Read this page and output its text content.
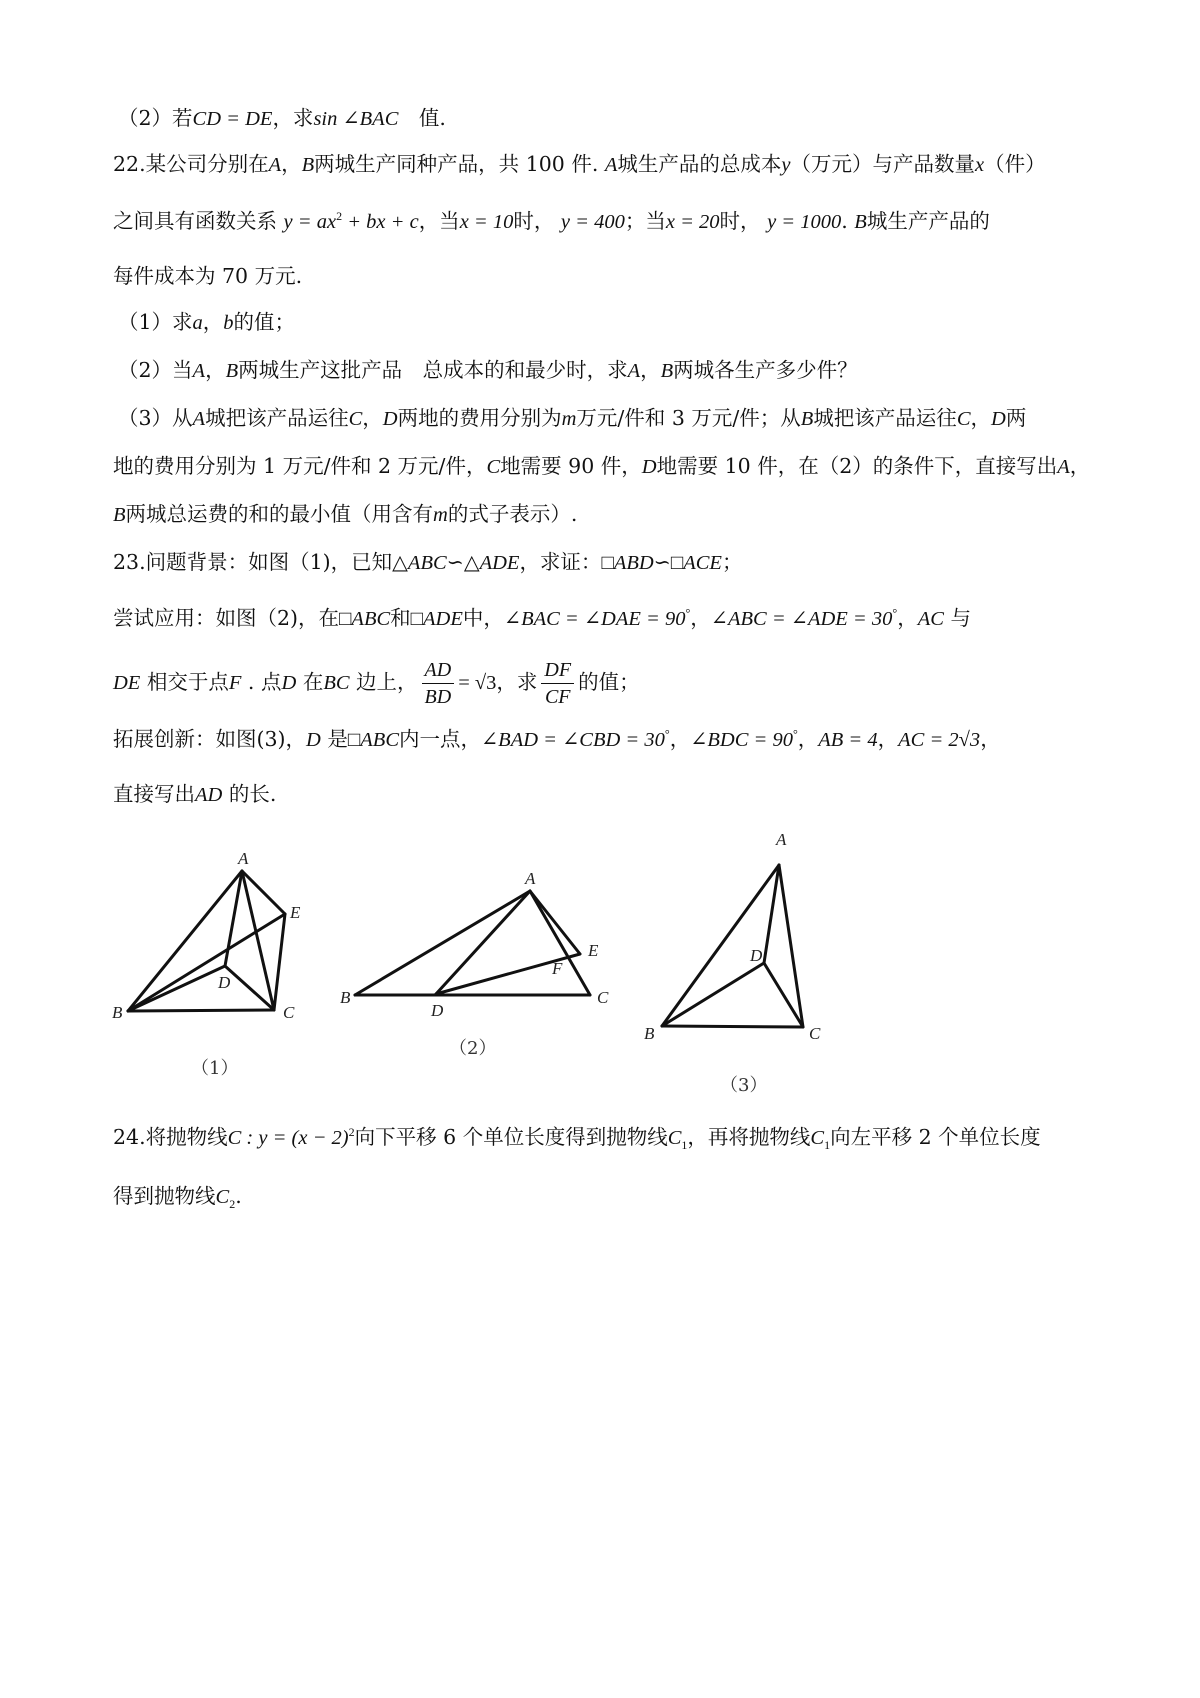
（2）若CD = DE，求sin ∠BAC　 值.
22.某公司分别在A，B两城生产同种产品，共 100 件. A城生产品的总成本y（万元）与产品数量x（件）
之间具有函数关系 $y = ax^2$ + bx + c，当x = 10时， y = 400；当x = 20时， y = 1000. B城生产产品的
每件成本为 70 万元.
（1）求a，b的值；
（2）当A，B两城生产这批产品　总成本的和最少时，求A，B两城各生产多少件？
（3）从A城把该产品运往C，D两地的费用分别为m万元/件和 3 万元/件；从B城把该产品运往C，D两
地的费用分别为 1 万元/件和 2 万元/件，C地需要 90 件，D地需要 10 件，在（2）的条件下，直接写出A，
B两城总运费的和的最小值（用含有m的式子表示）.
23.问题背景：如图（1)，已知△ABC∽△ADE，求证：□ABD∽□ACE；
尝试应用：如图（2)，在□ABC和□ADE中，∠BAC = ∠DAE = 90°，∠ABC = ∠ADE = 30°，AC 与
DE 相交于点F . 点D 在BC 边上， $\frac{AD}{BD} = √3$，求 $\frac{DF}{CF}$ 的值；
拓展创新：如图(3)，D 是□ABC内一点，∠BAD = ∠CBD = 30°，∠BDC = 90°，AB = 4，AC = 2√3，
直接写出AD 的长.
A
E
D
B	C
（1）
A
E
F
B
D
C
（2）
A
D
B	C
（3）
24.将抛物线C : $y = (x - 2)^2$向下平移 6 个单位长度得到抛物线$C_1$，再将抛物线$C_1$向左平移 2 个单位长度
得到抛物线$C_2$.
